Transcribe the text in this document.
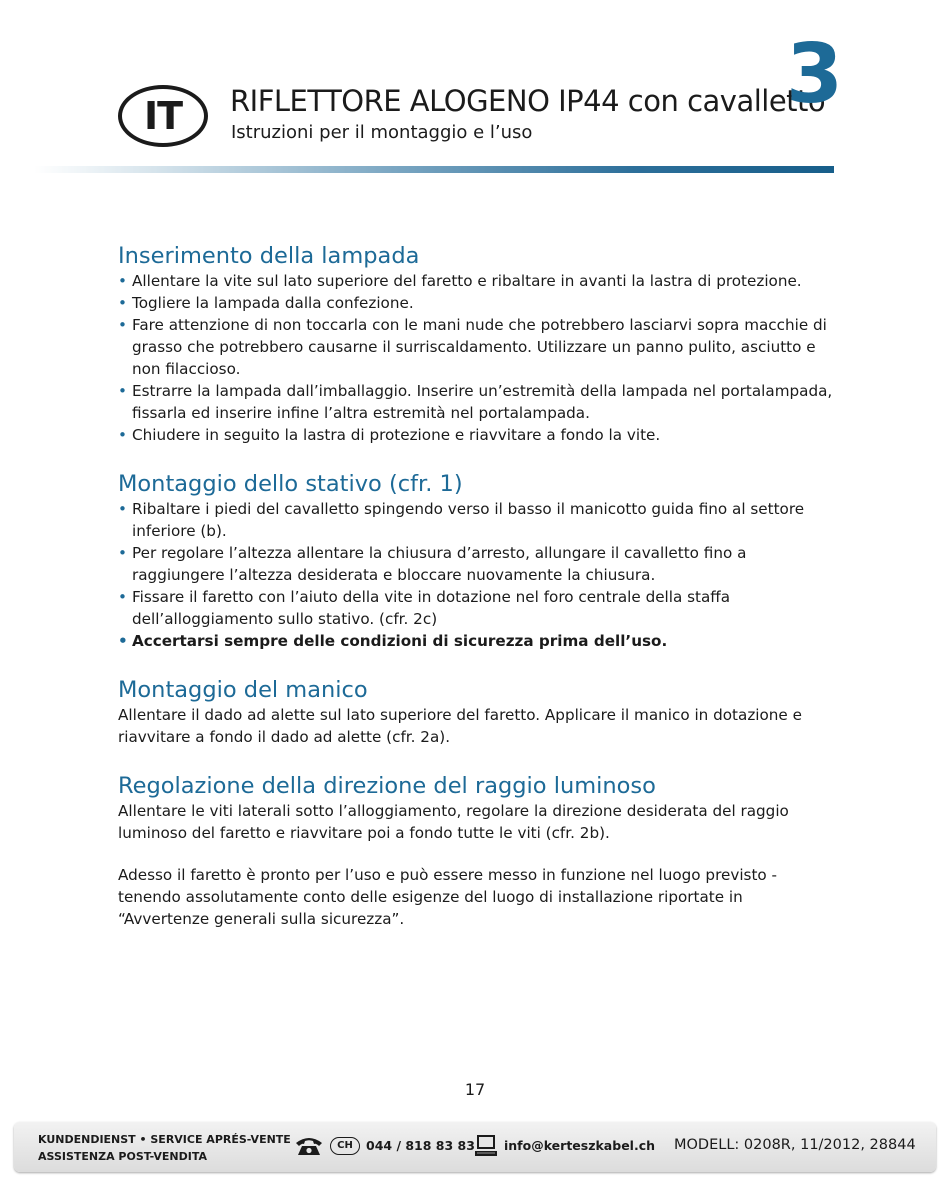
IT RIFLETTORE ALOGENO IP44 con cavalletto
3
Istruzioni per il montaggio e l’uso
Inserimento della lampada
• Allentare la vite sul lato superiore del faretto e ribaltare in avanti la lastra di protezione.
• Togliere la lampada dalla confezione.
• Fare attenzione di non toccarla con le mani nude che potrebbero lasciarvi sopra macchie di grasso che potrebbero causarne il surriscaldamento. Utilizzare un panno pulito, asciutto e non filaccioso.
• Estrarre la lampada dall’imballaggio. Inserire un’estremità della lampada nel portalampada, fissarla ed inserire infine l’altra estremità nel portalampada.
• Chiudere in seguito la lastra di protezione e riavvitare a fondo la vite.
Montaggio dello stativo (cfr. 1)
• Ribaltare i piedi del cavalletto spingendo verso il basso il manicotto guida fino al settore inferiore (b).
• Per regolare l’altezza allentare la chiusura d’arresto, allungare il cavalletto fino a raggiungere l’altezza desiderata e bloccare nuovamente la chiusura.
• Fissare il faretto con l’aiuto della vite in dotazione nel foro centrale della staffa dell’alloggiamento sullo stativo. (cfr. 2c)
• Accertarsi sempre delle condizioni di sicurezza prima dell’uso.
Montaggio del manico

Allentare il dado ad alette sul lato superiore del faretto. Applicare il manico in dotazione e riavvitare a fondo il dado ad alette (cfr. 2a).

Regolazione della direzione del raggio luminoso

Allentare le viti laterali sotto l’alloggiamento, regolare la direzione desiderata del raggio luminoso del faretto e riavvitare poi a fondo tutte le viti (cfr. 2b).

Adesso il faretto è pronto per l’uso e può essere messo in funzione nel luogo previsto - tenendo assolutamente conto delle esigenze del luogo di installazione riportate in “Avvertenze generali sulla sicurezza”.

17
KUNDENDIENST • SERVICE APRÉS-VENTE
ASSISTENZA POST-VENDITA
CH	044 / 818 83 83 info@kerteszkabel.ch MODELL: 0208R, 11/2012, 28844
